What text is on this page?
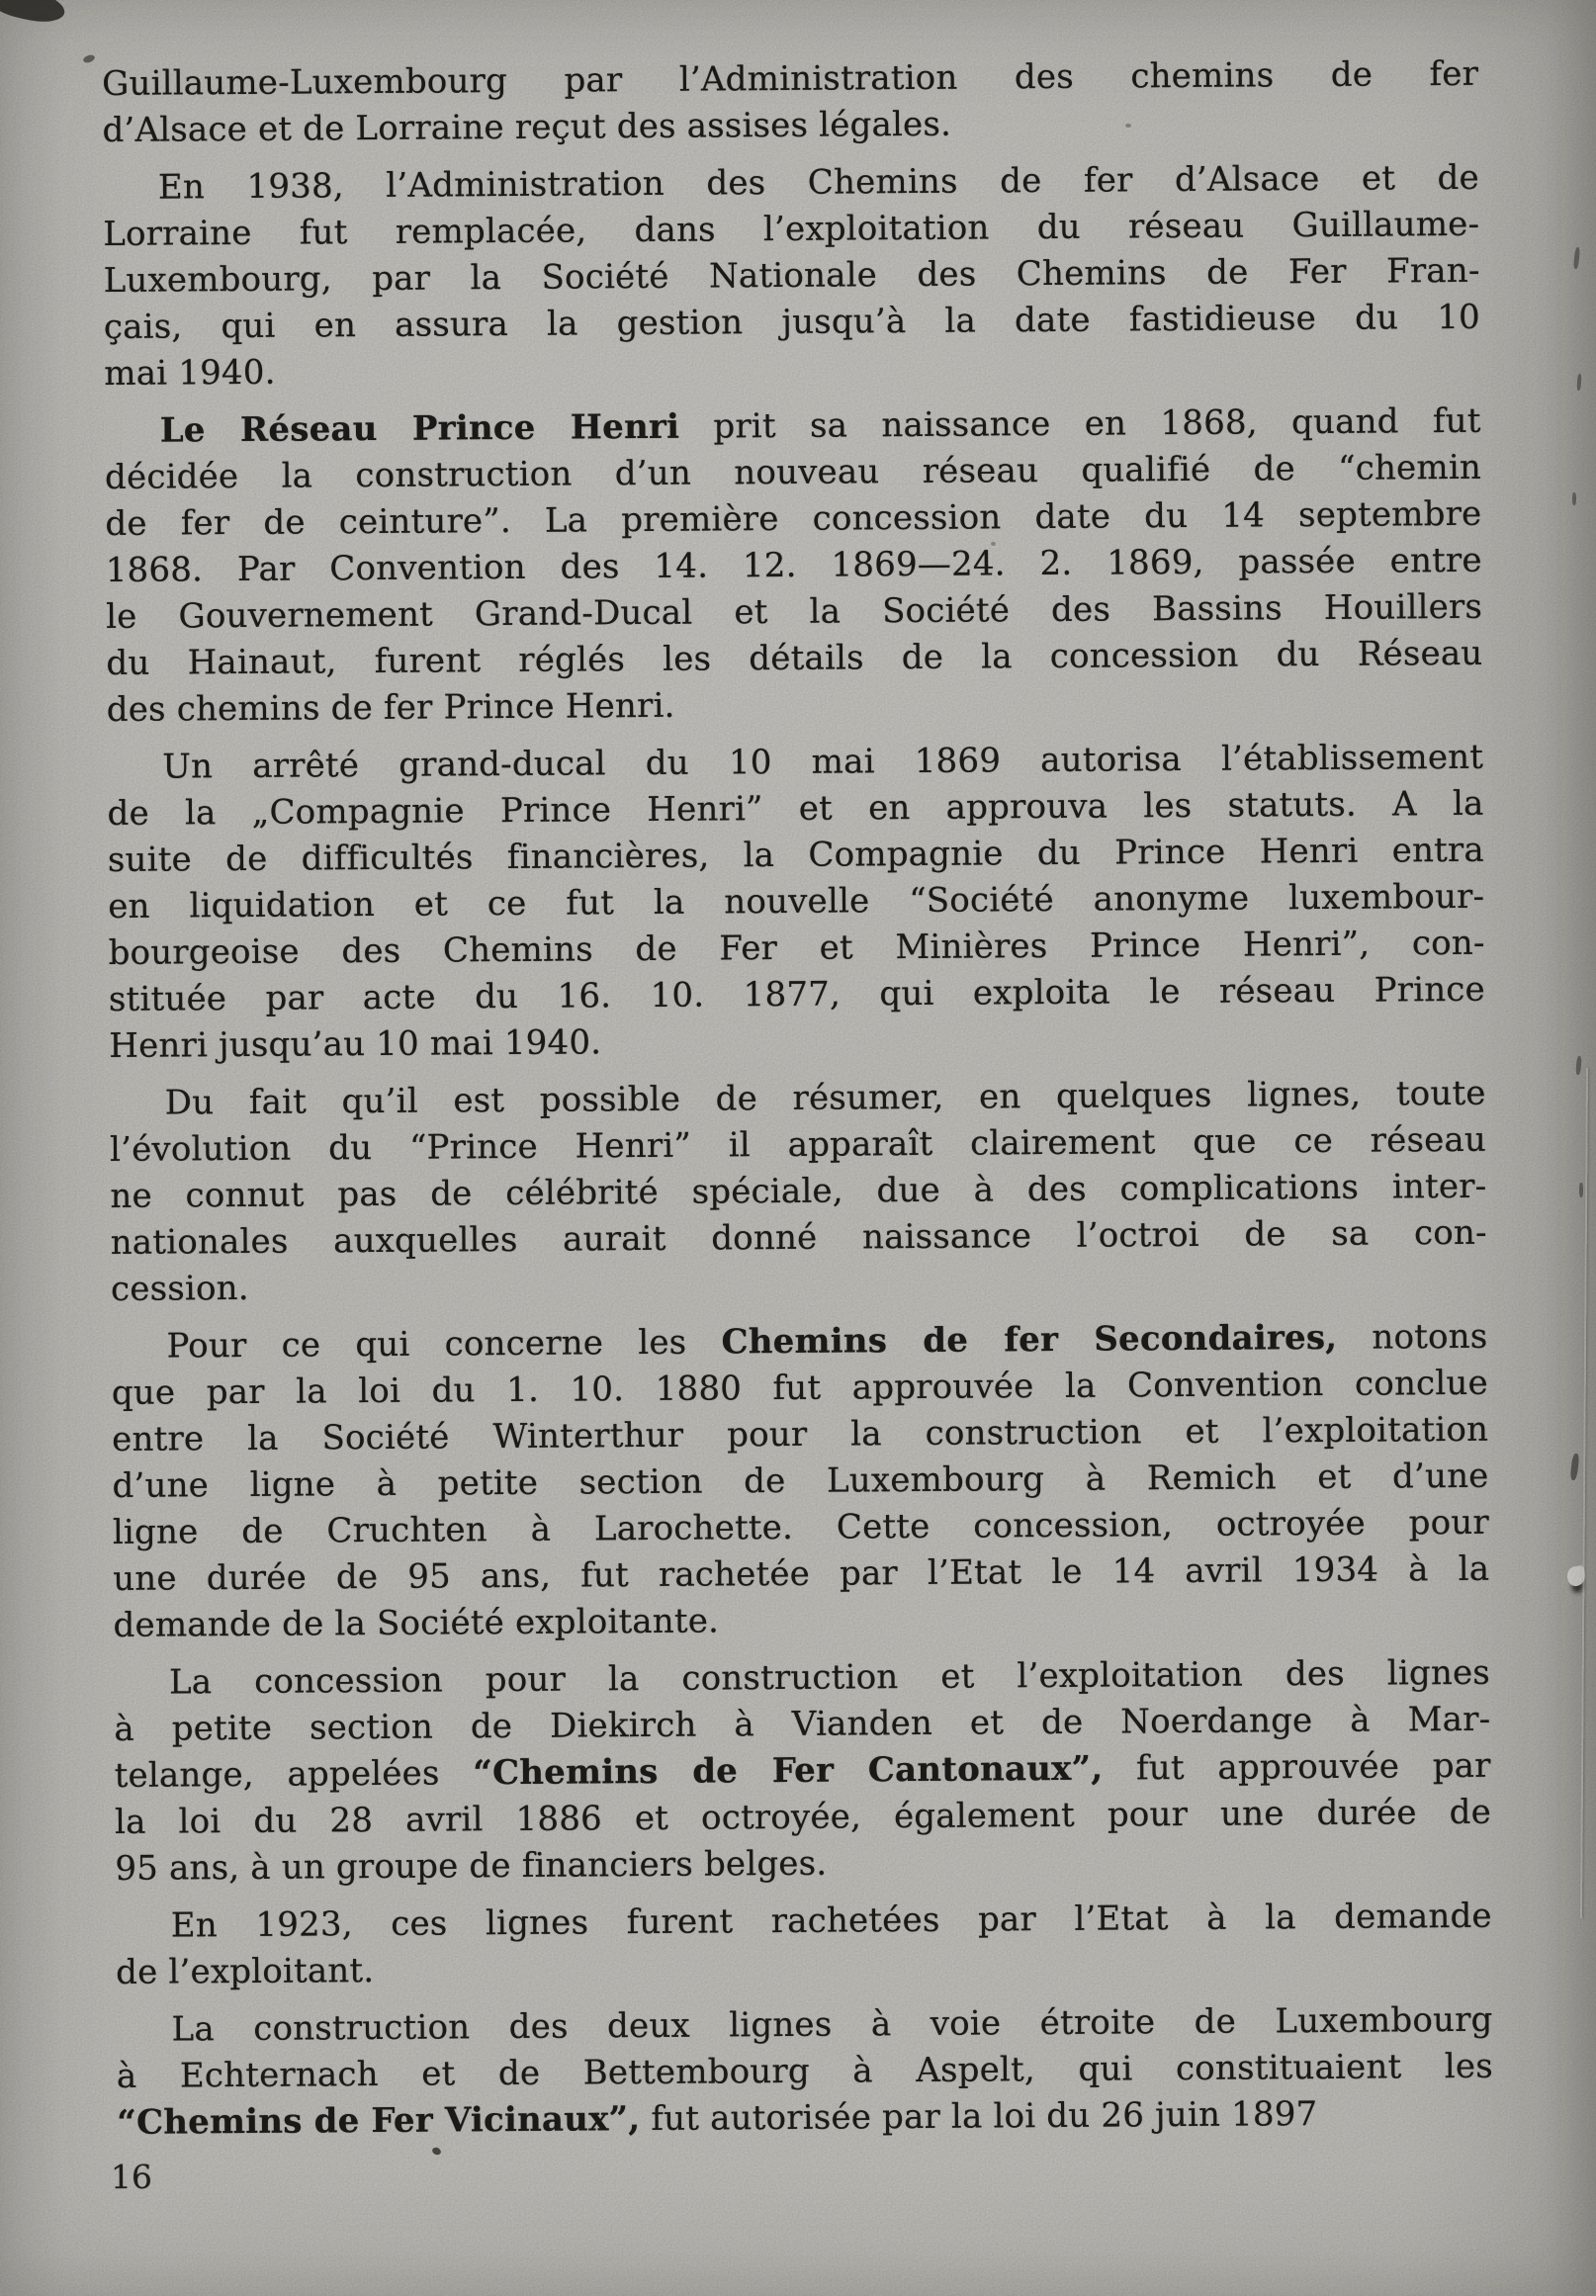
Guillaume-Luxembourg par l’Administration des chemins de fer
d’Alsace et de Lorraine reçut des assises légales.
En 1938, l’Administration des Chemins de fer d’Alsace et de
Lorraine fut remplacée, dans l’exploitation du réseau Guillaume-
Luxembourg, par la Société Nationale des Chemins de Fer Fran-
çais, qui en assura la gestion jusqu’à la date fastidieuse du 10
mai 1940.
Le Réseau Prince Henri prit sa naissance en 1868, quand fut
décidée la construction d’un nouveau réseau qualifié de “chemin
de fer de ceinture”. La première concession date du 14 septembre
1868. Par Convention des 14. 12. 1869—24. 2. 1869, passée entre
le Gouvernement Grand-Ducal et la Société des Bassins Houillers
du Hainaut, furent réglés les détails de la concession du Réseau
des chemins de fer Prince Henri.
Un arrêté grand-ducal du 10 mai 1869 autorisa l’établissement
de la „Compagnie Prince Henri” et en approuva les statuts. A la
suite de difficultés financières, la Compagnie du Prince Henri entra
en liquidation et ce fut la nouvelle “Société anonyme luxembour-
bourgeoise des Chemins de Fer et Minières Prince Henri”, con-
stituée par acte du 16. 10. 1877, qui exploita le réseau Prince
Henri jusqu’au 10 mai 1940.
Du fait qu’il est possible de résumer, en quelques lignes, toute
l’évolution du “Prince Henri” il apparaît clairement que ce réseau
ne connut pas de célébrité spéciale, due à des complications inter-
nationales auxquelles aurait donné naissance l’octroi de sa con-
cession.
Pour ce qui concerne les Chemins de fer Secondaires, notons
que par la loi du 1. 10. 1880 fut approuvée la Convention conclue
entre la Société Winterthur pour la construction et l’exploitation
d’une ligne à petite section de Luxembourg à Remich et d’une
ligne de Cruchten à Larochette. Cette concession, octroyée pour
une durée de 95 ans, fut rachetée par l’Etat le 14 avril 1934 à la
demande de la Société exploitante.
La concession pour la construction et l’exploitation des lignes
à petite section de Diekirch à Vianden et de Noerdange à Mar-
telange, appelées “Chemins de Fer Cantonaux”, fut approuvée par
la loi du 28 avril 1886 et octroyée, également pour une durée de
95 ans, à un groupe de financiers belges.
En 1923, ces lignes furent rachetées par l’Etat à la demande
de l’exploitant.
La construction des deux lignes à voie étroite de Luxembourg
à Echternach et de Bettembourg à Aspelt, qui constituaient les
“Chemins de Fer Vicinaux”, fut autorisée par la loi du 26 juin 1897
16
